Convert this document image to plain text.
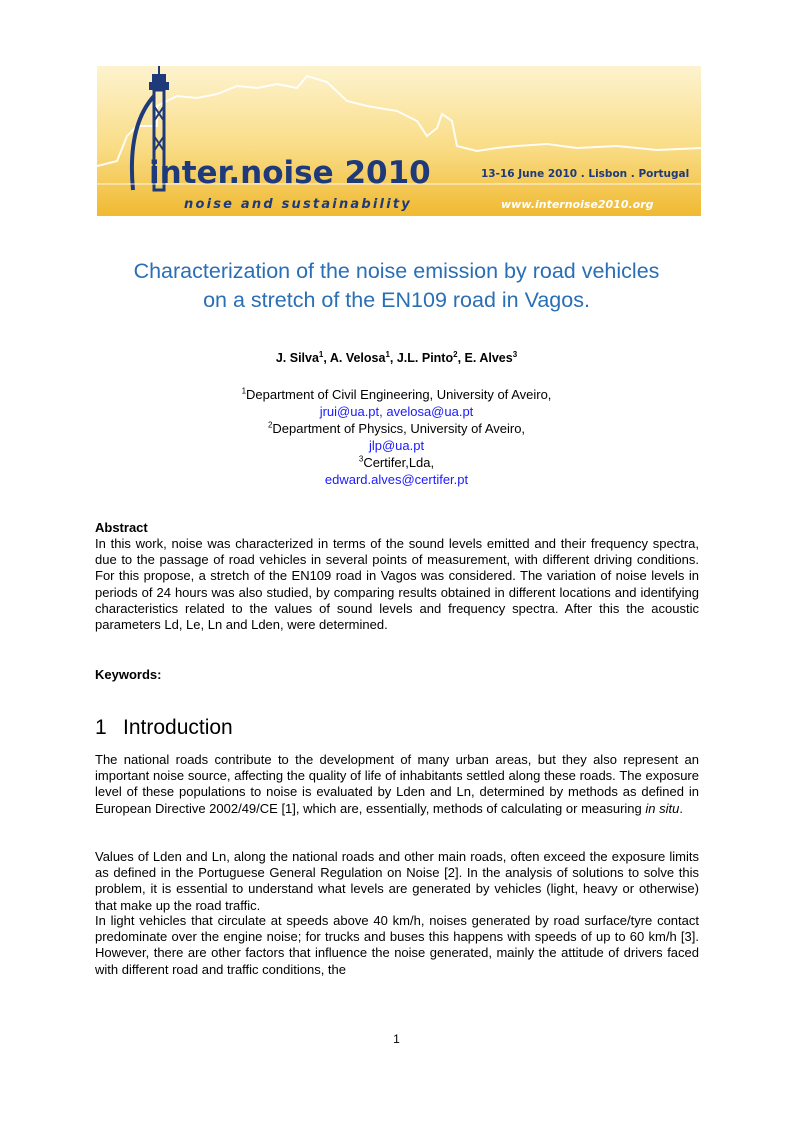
inter.noise 2010
noise and sustainability
13-16 June 2010 . Lisbon . Portugal
www.internoise2010.org
Characterization of the noise emission by road vehicles
on a stretch of the EN109 road in Vagos.
J. Silva$^1$, A. Velosa$^1$, J.L. Pinto$^2$, E. Alves$^3$
$^1$Department of Civil Engineering, University of Aveiro,
jrui@ua.pt, avelosa@ua.pt
$^2$Department of Physics, University of Aveiro,
jlp@ua.pt
$^3$Certifer,Lda,
edward.alves@certifer.pt
Abstract
In this work, noise was characterized in terms of the sound levels emitted and their frequency spectra, due to the passage of road vehicles in several points of measurement, with different driving conditions. For this propose, a stretch of the EN109 road in Vagos was considered. The variation of noise levels in periods of 24 hours was also studied, by comparing results obtained in different locations and identifying characteristics related to the values of sound levels and frequency spectra. After this the acoustic parameters Ld, Le, Ln and Lden, were determined.
Keywords:
1 Introduction
The national roads contribute to the development of many urban areas, but they also represent an important noise source, affecting the quality of life of inhabitants settled along these roads. The exposure level of these populations to noise is evaluated by Lden and Ln, determined by methods as defined in European Directive 2002/49/CE [1], which are, essentially, methods of calculating or measuring in situ.
Values of Lden and Ln, along the national roads and other main roads, often exceed the exposure limits as defined in the Portuguese General Regulation on Noise [2]. In the analysis of solutions to solve this problem, it is essential to understand what levels are generated by vehicles (light, heavy or otherwise) that make up the road traffic.
In light vehicles that circulate at speeds above 40 km/h, noises generated by road surface/tyre contact predominate over the engine noise; for trucks and buses this happens with speeds of up to 60 km/h [3]. However, there are other factors that influence the noise generated, mainly the attitude of drivers faced with different road and traffic conditions, the
1
